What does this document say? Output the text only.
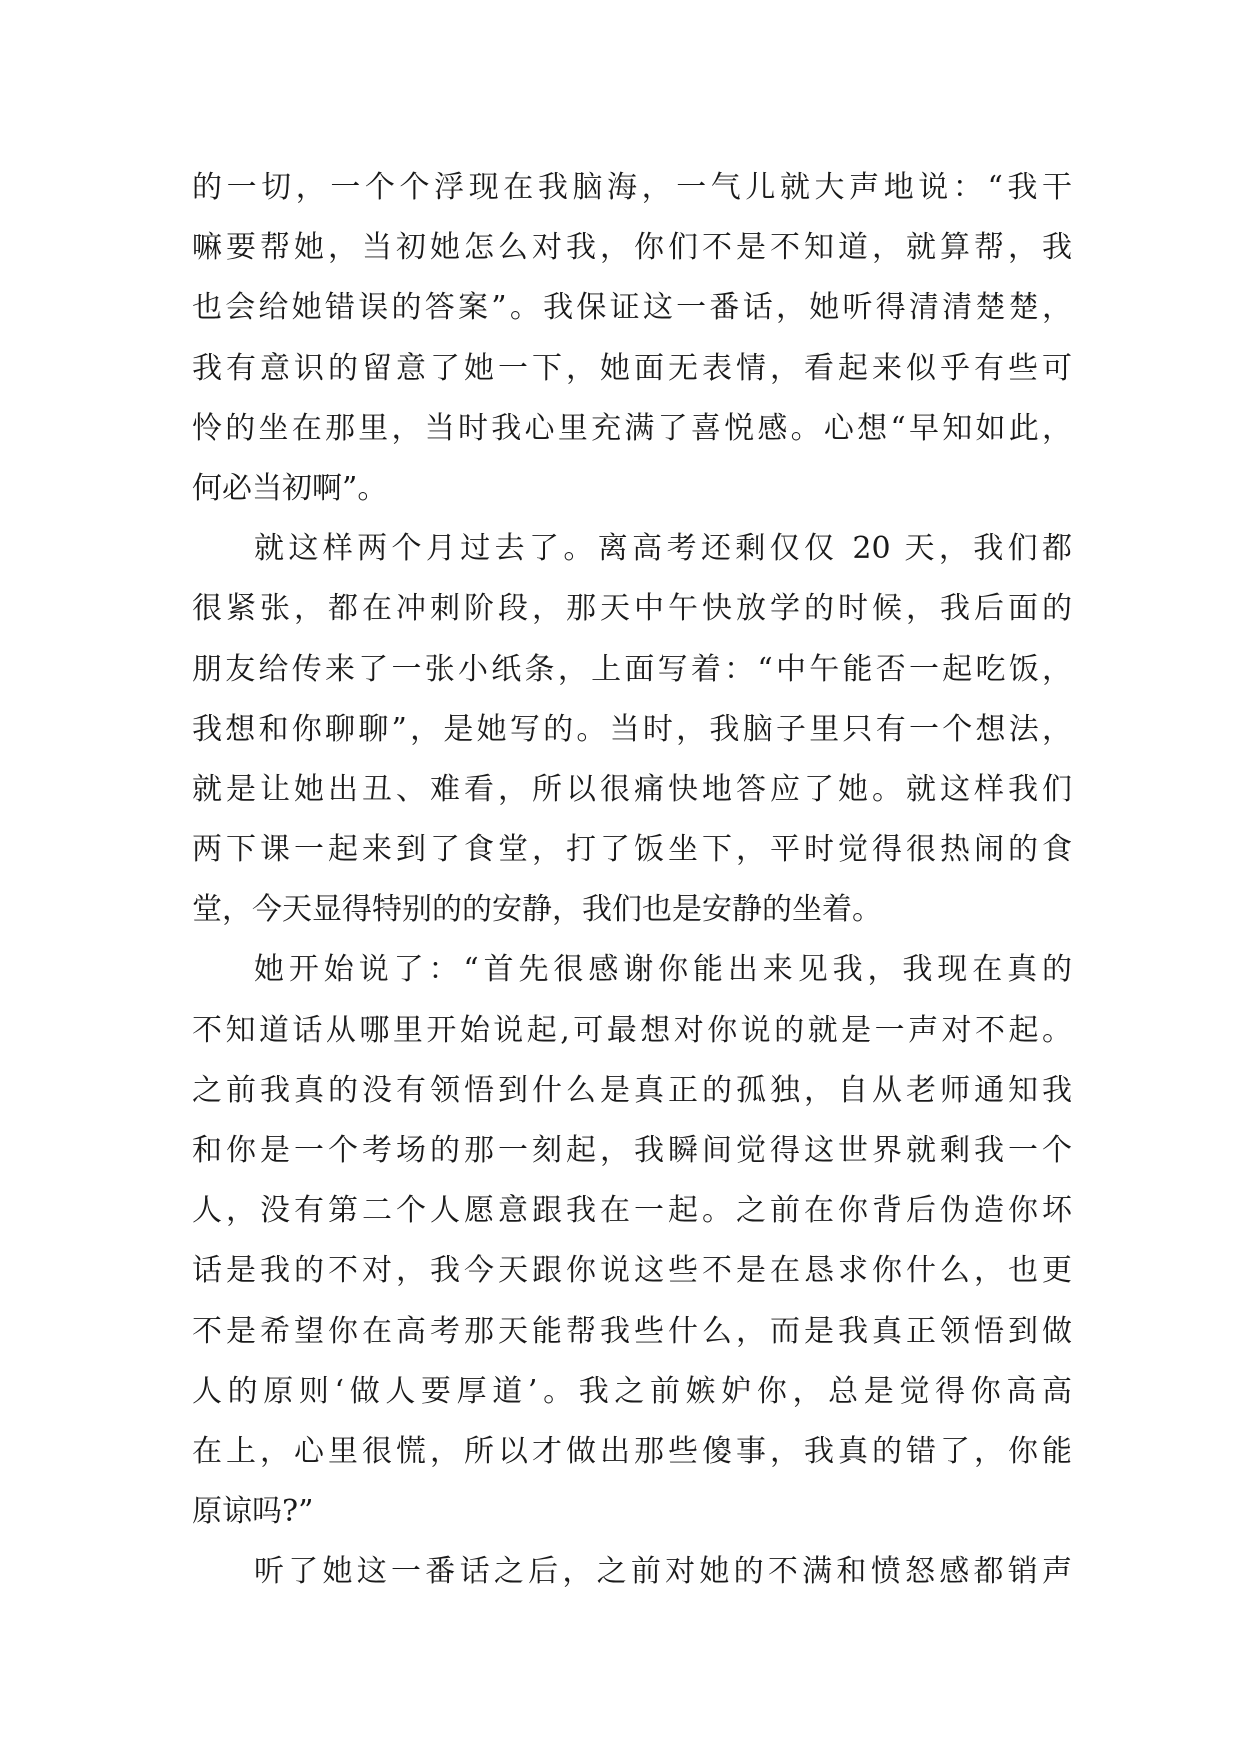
的一切，一个个浮现在我脑海，一气儿就大声地说：“我干
嘛要帮她，当初她怎么对我，你们不是不知道，就算帮，我
也会给她错误的答案”。我保证这一番话，她听得清清楚楚，
我有意识的留意了她一下，她面无表情，看起来似乎有些可
怜的坐在那里，当时我心里充满了喜悦感。心想“早知如此，
何必当初啊”。
就这样两个月过去了。离高考还剩仅仅 20 天，我们都
很紧张，都在冲刺阶段，那天中午快放学的时候，我后面的
朋友给传来了一张小纸条，上面写着：“中午能否一起吃饭，
我想和你聊聊”，是她写的。当时，我脑子里只有一个想法，
就是让她出丑、难看，所以很痛快地答应了她。就这样我们
两下课一起来到了食堂，打了饭坐下，平时觉得很热闹的食
堂，今天显得特别的的安静，我们也是安静的坐着。
她开始说了：“首先很感谢你能出来见我，我现在真的
不知道话从哪里开始说起,可最想对你说的就是一声对不起。
之前我真的没有领悟到什么是真正的孤独，自从老师通知我
和你是一个考场的那一刻起，我瞬间觉得这世界就剩我一个
人，没有第二个人愿意跟我在一起。之前在你背后伪造你坏
话是我的不对，我今天跟你说这些不是在恳求你什么，也更
不是希望你在高考那天能帮我些什么，而是我真正领悟到做
人的原则‘做人要厚道’。我之前嫉妒你，总是觉得你高高
在上，心里很慌，所以才做出那些傻事，我真的错了，你能
原谅吗?”
听了她这一番话之后，之前对她的不满和愤怒感都销声
